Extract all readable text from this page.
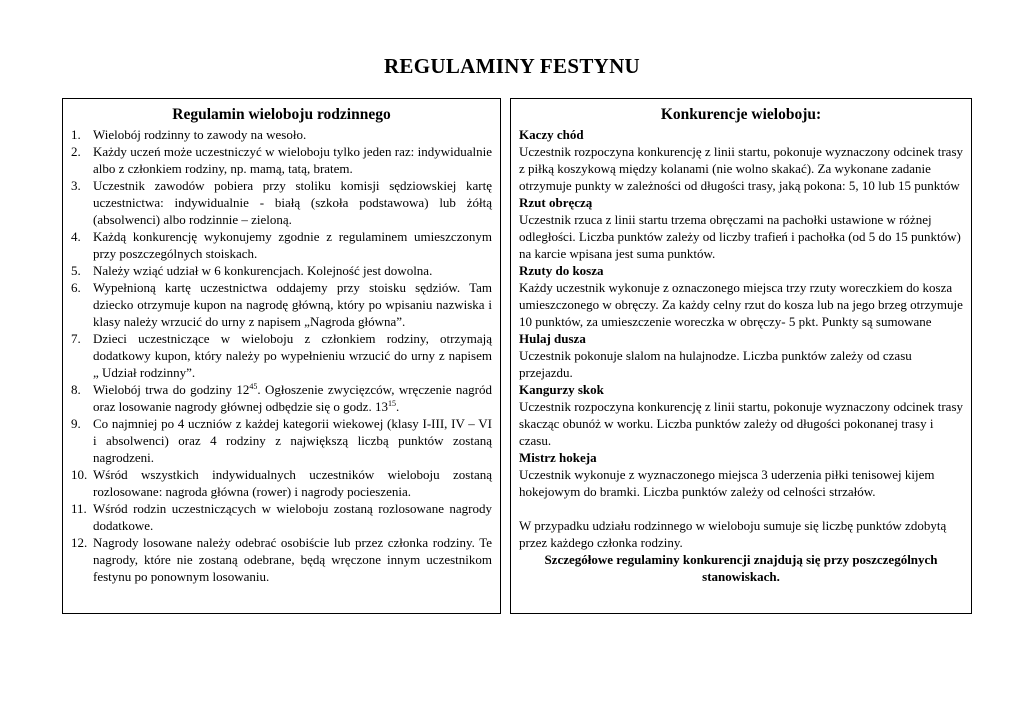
REGULAMINY FESTYNU
Regulamin wieloboju rodzinnego
1. Wielobój rodzinny to zawody na wesoło.
2. Każdy uczeń może uczestniczyć w wieloboju tylko jeden raz: indywidualnie albo z członkiem rodziny, np. mamą, tatą, bratem.
3. Uczestnik zawodów pobiera przy stoliku komisji sędziowskiej kartę uczestnictwa: indywidualnie - białą (szkoła podstawowa) lub żółtą (absolwenci) albo rodzinnie – zieloną.
4. Każdą konkurencję wykonujemy zgodnie z regulaminem umieszczonym przy poszczególnych stoiskach.
5. Należy wziąć udział w 6 konkurencjach. Kolejność jest dowolna.
6. Wypełnioną kartę uczestnictwa oddajemy przy stoisku sędziów. Tam dziecko otrzymuje kupon na nagrodę główną, który po wpisaniu nazwiska i klasy należy wrzucić do urny z napisem „Nagroda główna”.
7. Dzieci uczestniczące w wieloboju z członkiem rodziny, otrzymają dodatkowy kupon, który należy po wypełnieniu wrzucić do urny z napisem „ Udział rodzinny”.
8. Wielobój trwa do godziny $12^{45}$. Ogłoszenie zwycięzców, wręczenie nagród oraz losowanie nagrody głównej odbędzie się o godz. $13^{15}$.
9. Co najmniej po 4 uczniów z każdej kategorii wiekowej (klasy I-III, IV – VI i absolwenci) oraz 4 rodziny z największą liczbą punktów zostaną nagrodzeni.
10. Wśród wszystkich indywidualnych uczestników wieloboju zostaną rozlosowane: nagroda główna (rower) i nagrody pocieszenia.
11. Wśród rodzin uczestniczących w wieloboju zostaną rozlosowane nagrody dodatkowe.
12. Nagrody losowane należy odebrać osobiście lub przez członka rodziny. Te nagrody, które nie zostaną odebrane, będą wręczone innym uczestnikom festynu po ponownym losowaniu.
Konkurencje wieloboju:
Kaczy chód
Uczestnik rozpoczyna konkurencję z linii startu, pokonuje wyznaczony odcinek trasy z piłką koszykową między kolanami (nie wolno skakać). Za wykonane zadanie otrzymuje punkty w zależności od długości trasy, jaką pokona: 5, 10 lub 15 punktów
Rzut obręczą
Uczestnik rzuca z linii startu trzema obręczami na pachołki ustawione w różnej odległości. Liczba punktów zależy od liczby trafień i pachołka (od 5 do 15 punktów) na karcie wpisana jest suma punktów.
Rzuty do kosza
Każdy uczestnik wykonuje z oznaczonego miejsca trzy rzuty woreczkiem do kosza umieszczonego w obręczy. Za każdy celny rzut do kosza lub na jego brzeg otrzymuje 10 punktów, za umieszczenie woreczka w obręczy- 5 pkt. Punkty są sumowane
Hulaj dusza
Uczestnik pokonuje slalom na hulajnodze. Liczba punktów zależy od czasu przejazdu.
Kangurzy skok
Uczestnik rozpoczyna konkurencję z linii startu, pokonuje wyznaczony odcinek trasy skacząc obunóż w worku. Liczba punktów zależy od długości pokonanej trasy i czasu.
Mistrz hokeja
Uczestnik wykonuje z wyznaczonego miejsca 3 uderzenia piłki tenisowej kijem hokejowym do bramki. Liczba punktów zależy od celności strzałów.
W przypadku udziału rodzinnego w wieloboju sumuje się liczbę punktów zdobytą przez każdego członka rodziny.
Szczegółowe regulaminy konkurencji znajdują się przy poszczególnych stanowiskach.
